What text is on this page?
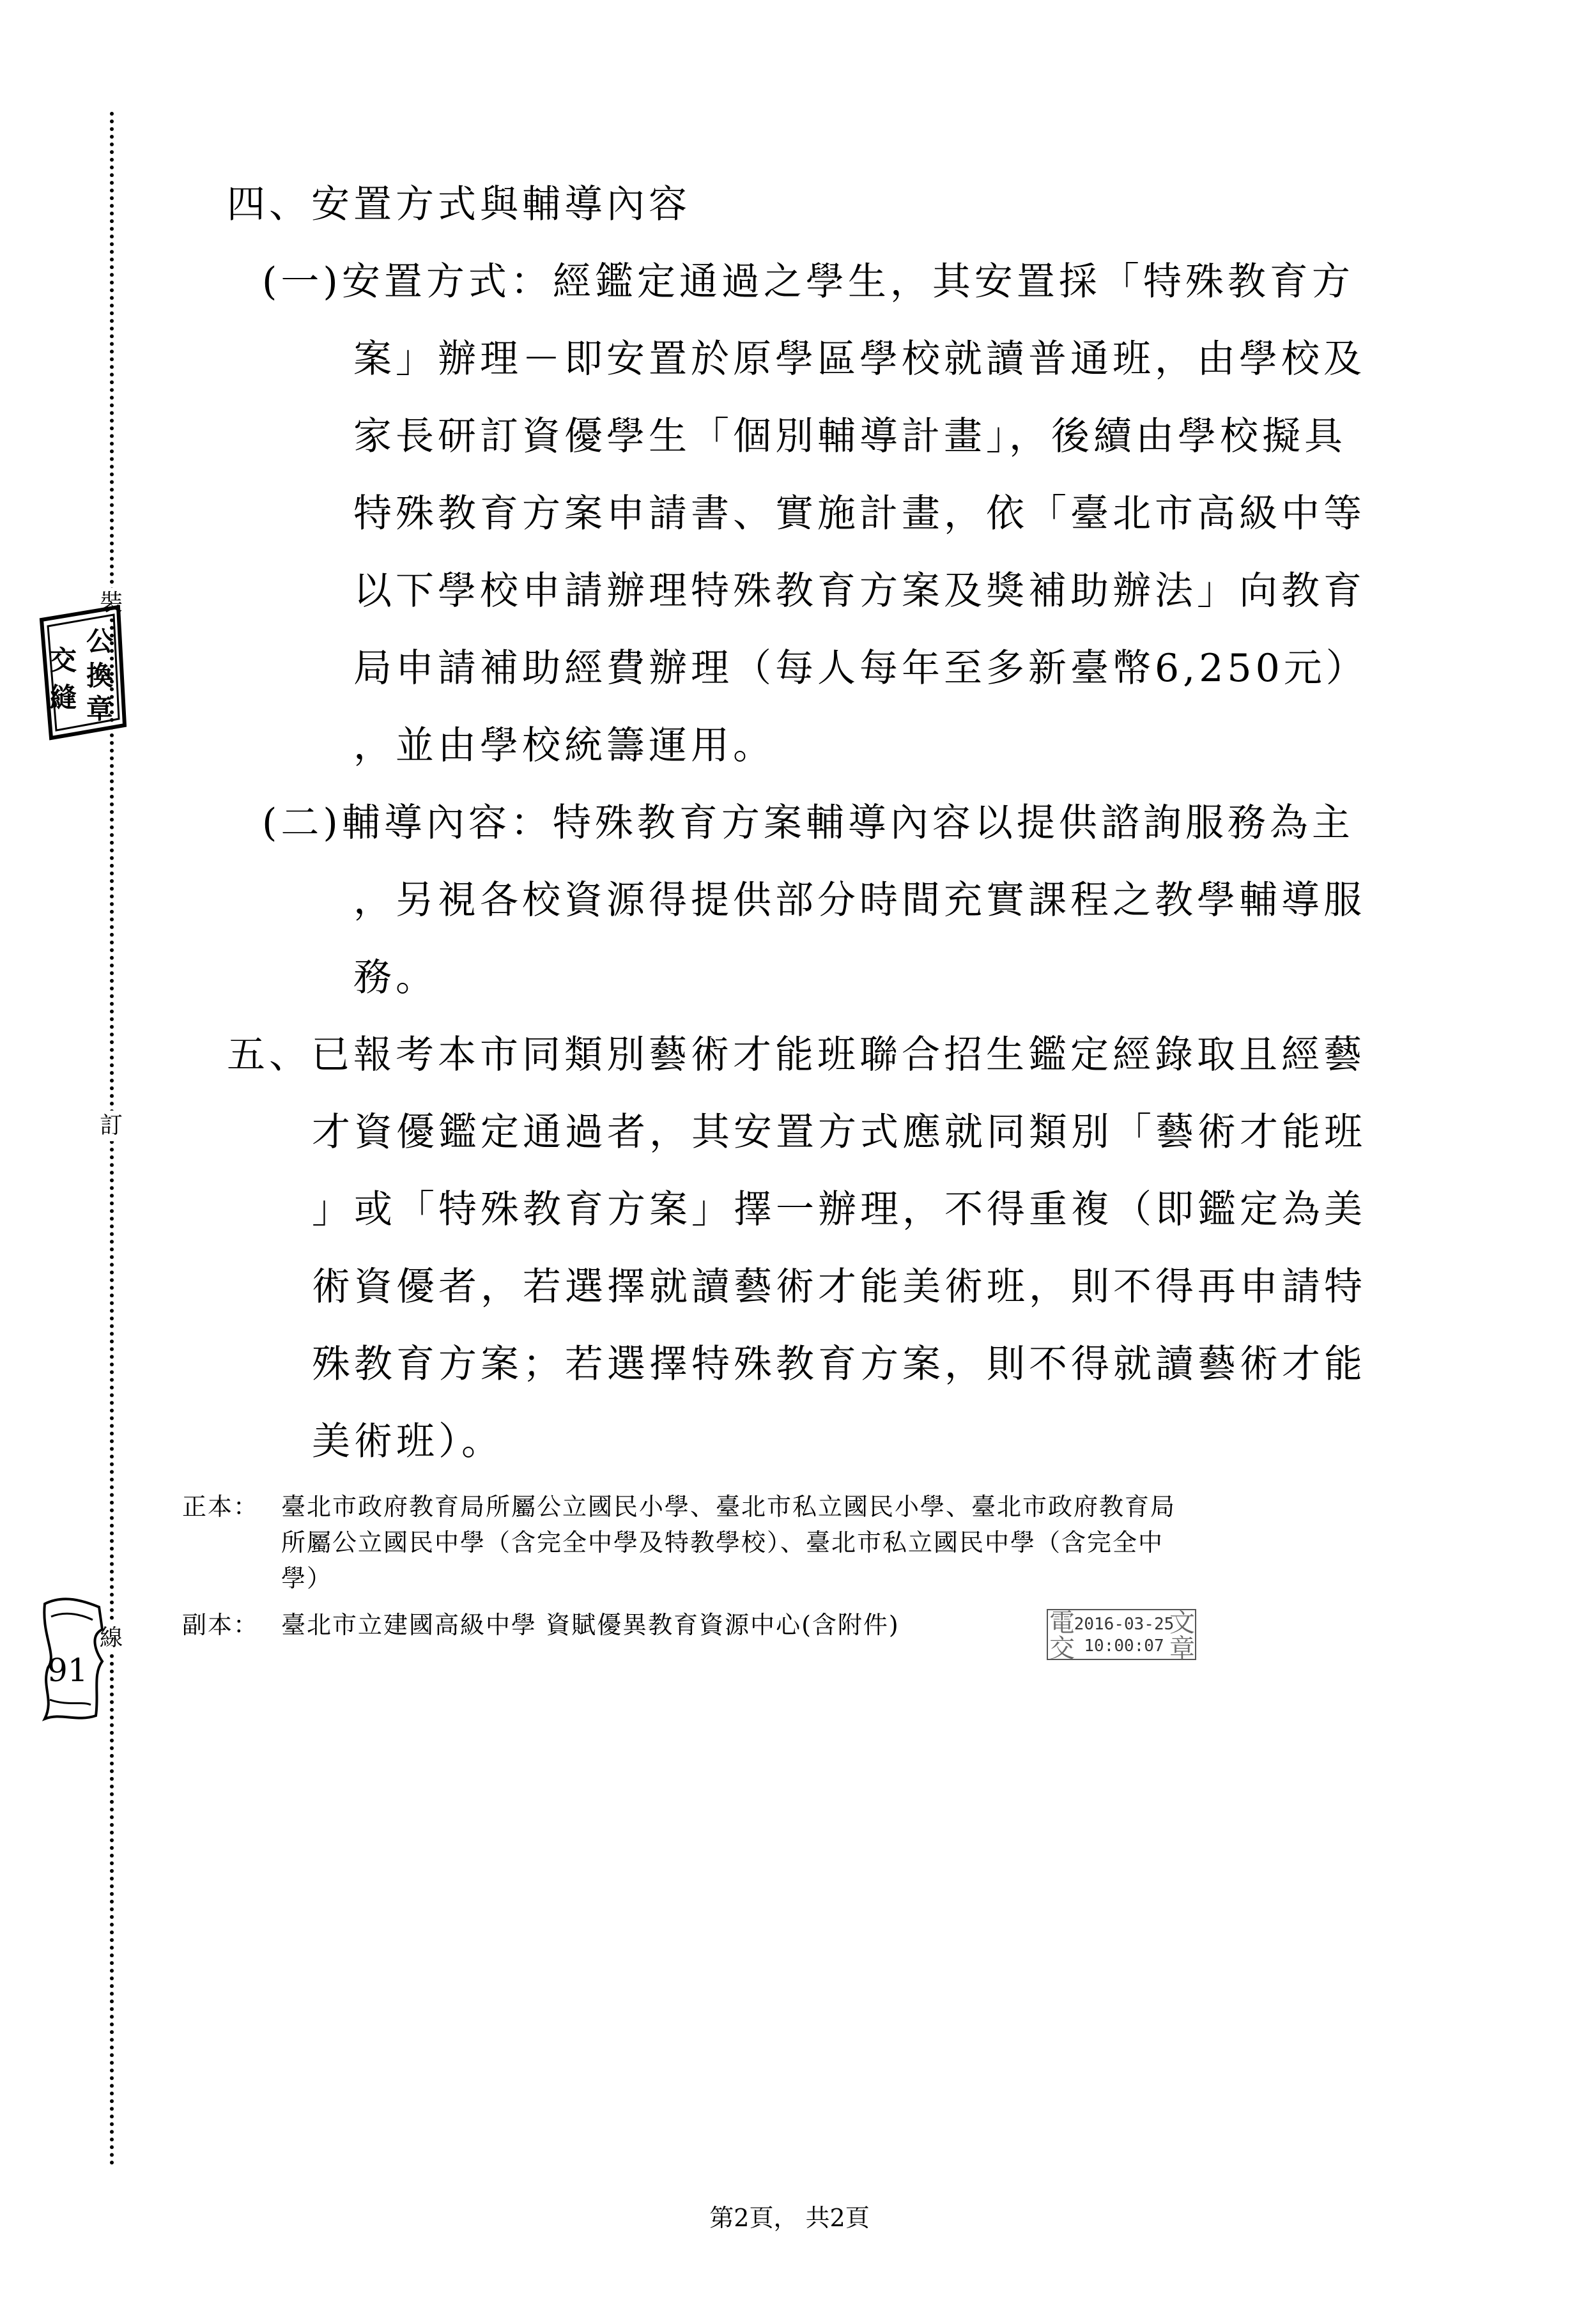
裝
訂
線
公
換
章
交
縫
91
四、安置方式與輔導內容
(一)安置方式：經鑑定通過之學生，其安置採「特殊教育方
案」辦理－即安置於原學區學校就讀普通班，由學校及
家長研訂資優學生「個別輔導計畫」，後續由學校擬具
特殊教育方案申請書、實施計畫，依「臺北市高級中等
以下學校申請辦理特殊教育方案及獎補助辦法」向教育
局申請補助經費辦理（每人每年至多新臺幣6,250元）
，並由學校統籌運用。
(二)輔導內容：特殊教育方案輔導內容以提供諮詢服務為主
，另視各校資源得提供部分時間充實課程之教學輔導服
務。
五、已報考本市同類別藝術才能班聯合招生鑑定經錄取且經藝
才資優鑑定通過者，其安置方式應就同類別「藝術才能班
」或「特殊教育方案」擇一辦理，不得重複（即鑑定為美
術資優者，若選擇就讀藝術才能美術班，則不得再申請特
殊教育方案；若選擇特殊教育方案，則不得就讀藝術才能
美術班）。
正本： 臺北市政府教育局所屬公立國民小學、臺北市私立國民小學、臺北市政府教育局
所屬公立國民中學（含完全中學及特教學校）、臺北市私立國民中學（含完全中
學）
副本： 臺北市立建國高級中學 資賦優異教育資源中心(含附件)	電
交
文
章
2016-03-25
10:00:07
第2頁， 共2頁
